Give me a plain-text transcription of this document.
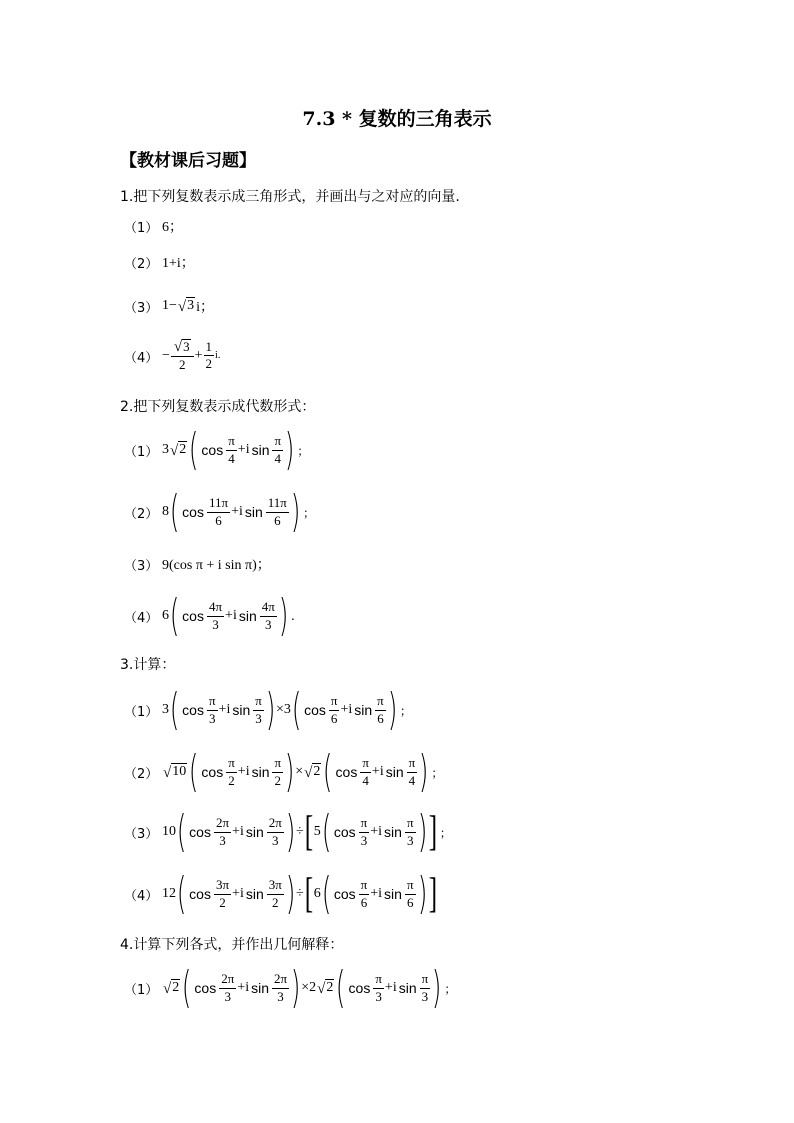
7.3 * 复数的三角表示
【教材课后习题】
1.把下列复数表示成三角形式，并画出与之对应的向量.
（1） 6；
（2） 1+i；
（3） 1− √ 3 i；
$(4) - \frac{√ 3}{2} + \frac{1}{2} i$.
2.把下列复数表示成代数形式：
（1） 3 √ 2 ( $\cos \frac{\pi}{4} + i$ $\sin \frac{\pi}{4}$ ) ；
（2） 8 ( $\cos \frac{11\pi}{6} + i$ $\sin \frac{11\pi}{6}$ ) ；
（3） 9(cos π + i sin π)；
（4） 6 ( $\cos \frac{4\pi}{3} + i$ $\sin \frac{4\pi}{3}$ ) .
3.计算：
（1） 3 ( $\cos \frac{\pi}{3} + i$ $\sin \frac{\pi}{3}$ ) × 3 ( $\cos \frac{\pi}{6} + i$ $\sin \frac{\pi}{6}$ ) ；
（2） √ 10 ( $\cos \frac{\pi}{2} + i$ $\sin \frac{\pi}{2}$ ) × √ 2 ( $\cos \frac{\pi}{4} + i$ $\sin \frac{\pi}{4}$ ) ；
（3） 10 ( $\cos \frac{2\pi}{3} + i$ $\sin \frac{2\pi}{3}$ ) ÷ [ 5 ( $\cos \frac{\pi}{3} + i$ $\sin \frac{\pi}{3}$ ) ] ；
（4） 12 ( $\cos \frac{3\pi}{2} + i$ $\sin \frac{3\pi}{2}$ ) ÷ [ 6 ( $\cos \frac{\pi}{6} + i$ $\sin \frac{\pi}{6}$ ) ]
4.计算下列各式，并作出几何解释：
（1） √ 2 ( $\cos \frac{2\pi}{3} + i$ $\sin \frac{2\pi}{3}$ ) × 2 √ 2 ( $\cos \frac{\pi}{3} + i$ $\sin \frac{\pi}{3}$ ) ；
